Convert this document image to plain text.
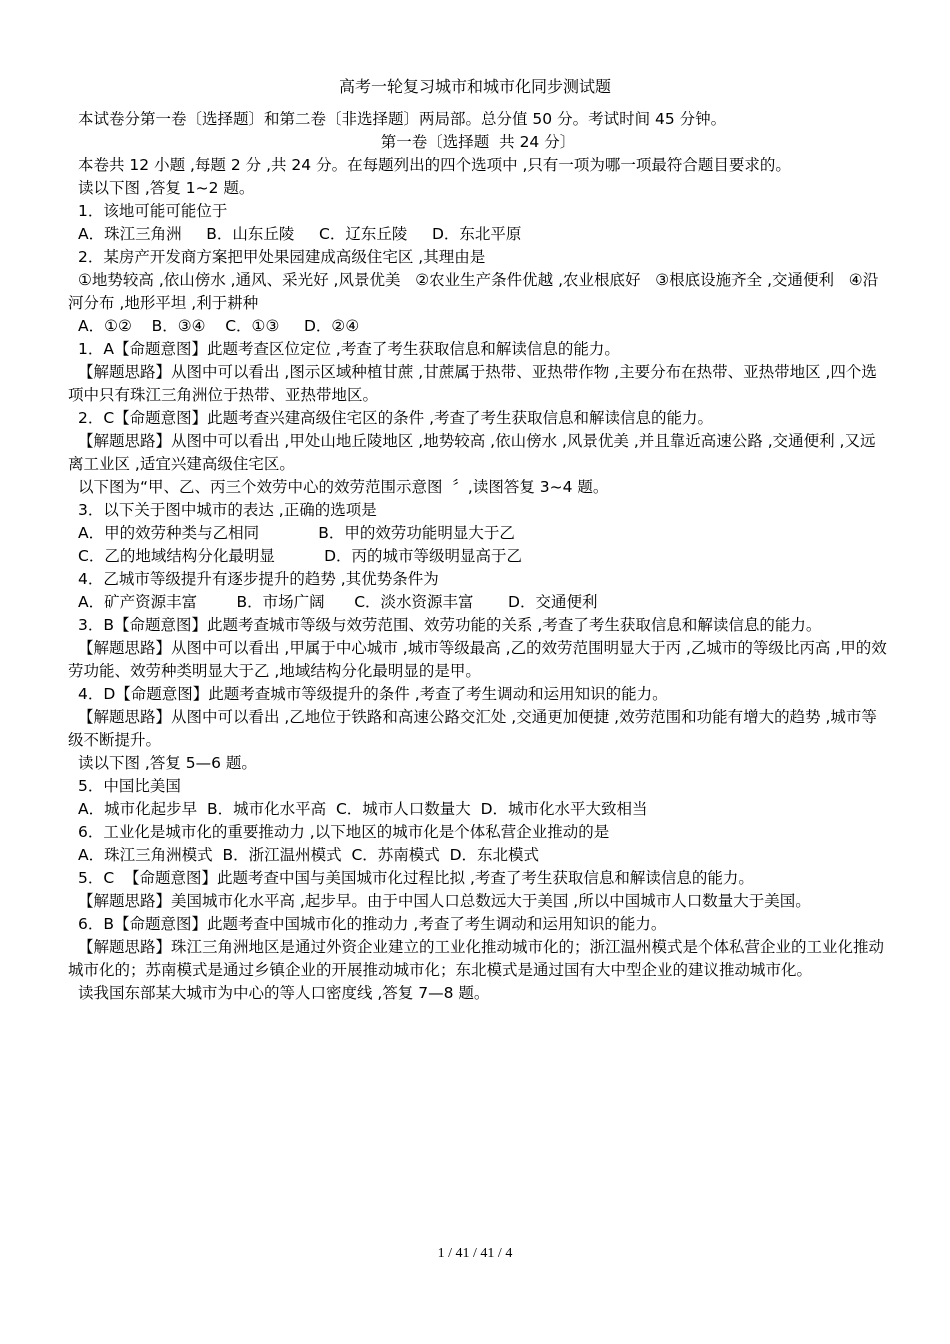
高考一轮复习城市和城市化同步测试题
本试卷分第一卷〔选择题〕和第二卷〔非选择题〕两局部。总分值 50 分。考试时间 45 分钟。
第一卷〔选择题  共 24 分〕
本卷共 12 小题 ,每题 2 分 ,共 24 分。在每题列出的四个选项中 ,只有一项为哪一项最符合题目要求的。
读以下图 ,答复 1~2 题。
1．该地可能可能位于
A．珠江三角洲     B．山东丘陵     C．辽东丘陵     D．东北平原
2．某房产开发商方案把甲处果园建成高级住宅区 ,其理由是
①地势较高 ,依山傍水 ,通风、采光好 ,风景优美   ②农业生产条件优越 ,农业根底好   ③根底设施齐全 ,交通便利   ④沿河分布 ,地形平坦 ,利于耕种
A．①②    B．③④    C．①③     D．②④
1．A【命题意图】此题考查区位定位 ,考查了考生获取信息和解读信息的能力。
【解题思路】从图中可以看出 ,图示区域种植甘蔗 ,甘蔗属于热带、亚热带作物 ,主要分布在热带、亚热带地区 ,四个选项中只有珠江三角洲位于热带、亚热带地区。
2．C【命题意图】此题考查兴建高级住宅区的条件 ,考查了考生获取信息和解读信息的能力。
【解题思路】从图中可以看出 ,甲处山地丘陵地区 ,地势较高 ,依山傍水 ,风景优美 ,并且靠近高速公路 ,交通便利 ,又远离工业区 ,适宜兴建高级住宅区。
以下图为“甲、乙、丙三个效劳中心的效劳范围示意图  〞,读图答复 3~4 题。
3．以下关于图中城市的表达 ,正确的选项是
A．甲的效劳种类与乙相同            B．甲的效劳功能明显大于乙
C．乙的地域结构分化最明显          D．丙的城市等级明显高于乙
4．乙城市等级提升有逐步提升的趋势 ,其优势条件为
A．矿产资源丰富        B．市场广阔      C．淡水资源丰富       D．交通便利
3．B【命题意图】此题考查城市等级与效劳范围、效劳功能的关系 ,考查了考生获取信息和解读信息的能力。
【解题思路】从图中可以看出 ,甲属于中心城市 ,城市等级最高 ,乙的效劳范围明显大于丙 ,乙城市的等级比丙高 ,甲的效劳功能、效劳种类明显大于乙 ,地域结构分化最明显的是甲。
4．D【命题意图】此题考查城市等级提升的条件 ,考查了考生调动和运用知识的能力。
【解题思路】从图中可以看出 ,乙地位于铁路和高速公路交汇处 ,交通更加便捷 ,效劳范围和功能有增大的趋势 ,城市等级不断提升。
读以下图 ,答复 5—6 题。
5．中国比美国
A．城市化起步早  B．城市化水平高  C．城市人口数量大  D．城市化水平大致相当
6．工业化是城市化的重要推动力 ,以下地区的城市化是个体私营企业推动的是
A．珠江三角洲模式  B．浙江温州模式  C．苏南模式  D．东北模式
5．C  【命题意图】此题考查中国与美国城市化过程比拟 ,考查了考生获取信息和解读信息的能力。
【解题思路】美国城市化水平高 ,起步早。由于中国人口总数远大于美国 ,所以中国城市人口数量大于美国。
6．B【命题意图】此题考查中国城市化的推动力 ,考查了考生调动和运用知识的能力。
【解题思路】珠江三角洲地区是通过外资企业建立的工业化推动城市化的；浙江温州模式是个体私营企业的工业化推动城市化的；苏南模式是通过乡镇企业的开展推动城市化；东北模式是通过国有大中型企业的建议推动城市化。
读我国东部某大城市为中心的等人口密度线 ,答复 7—8 题。
1 / 41 / 41 / 4
